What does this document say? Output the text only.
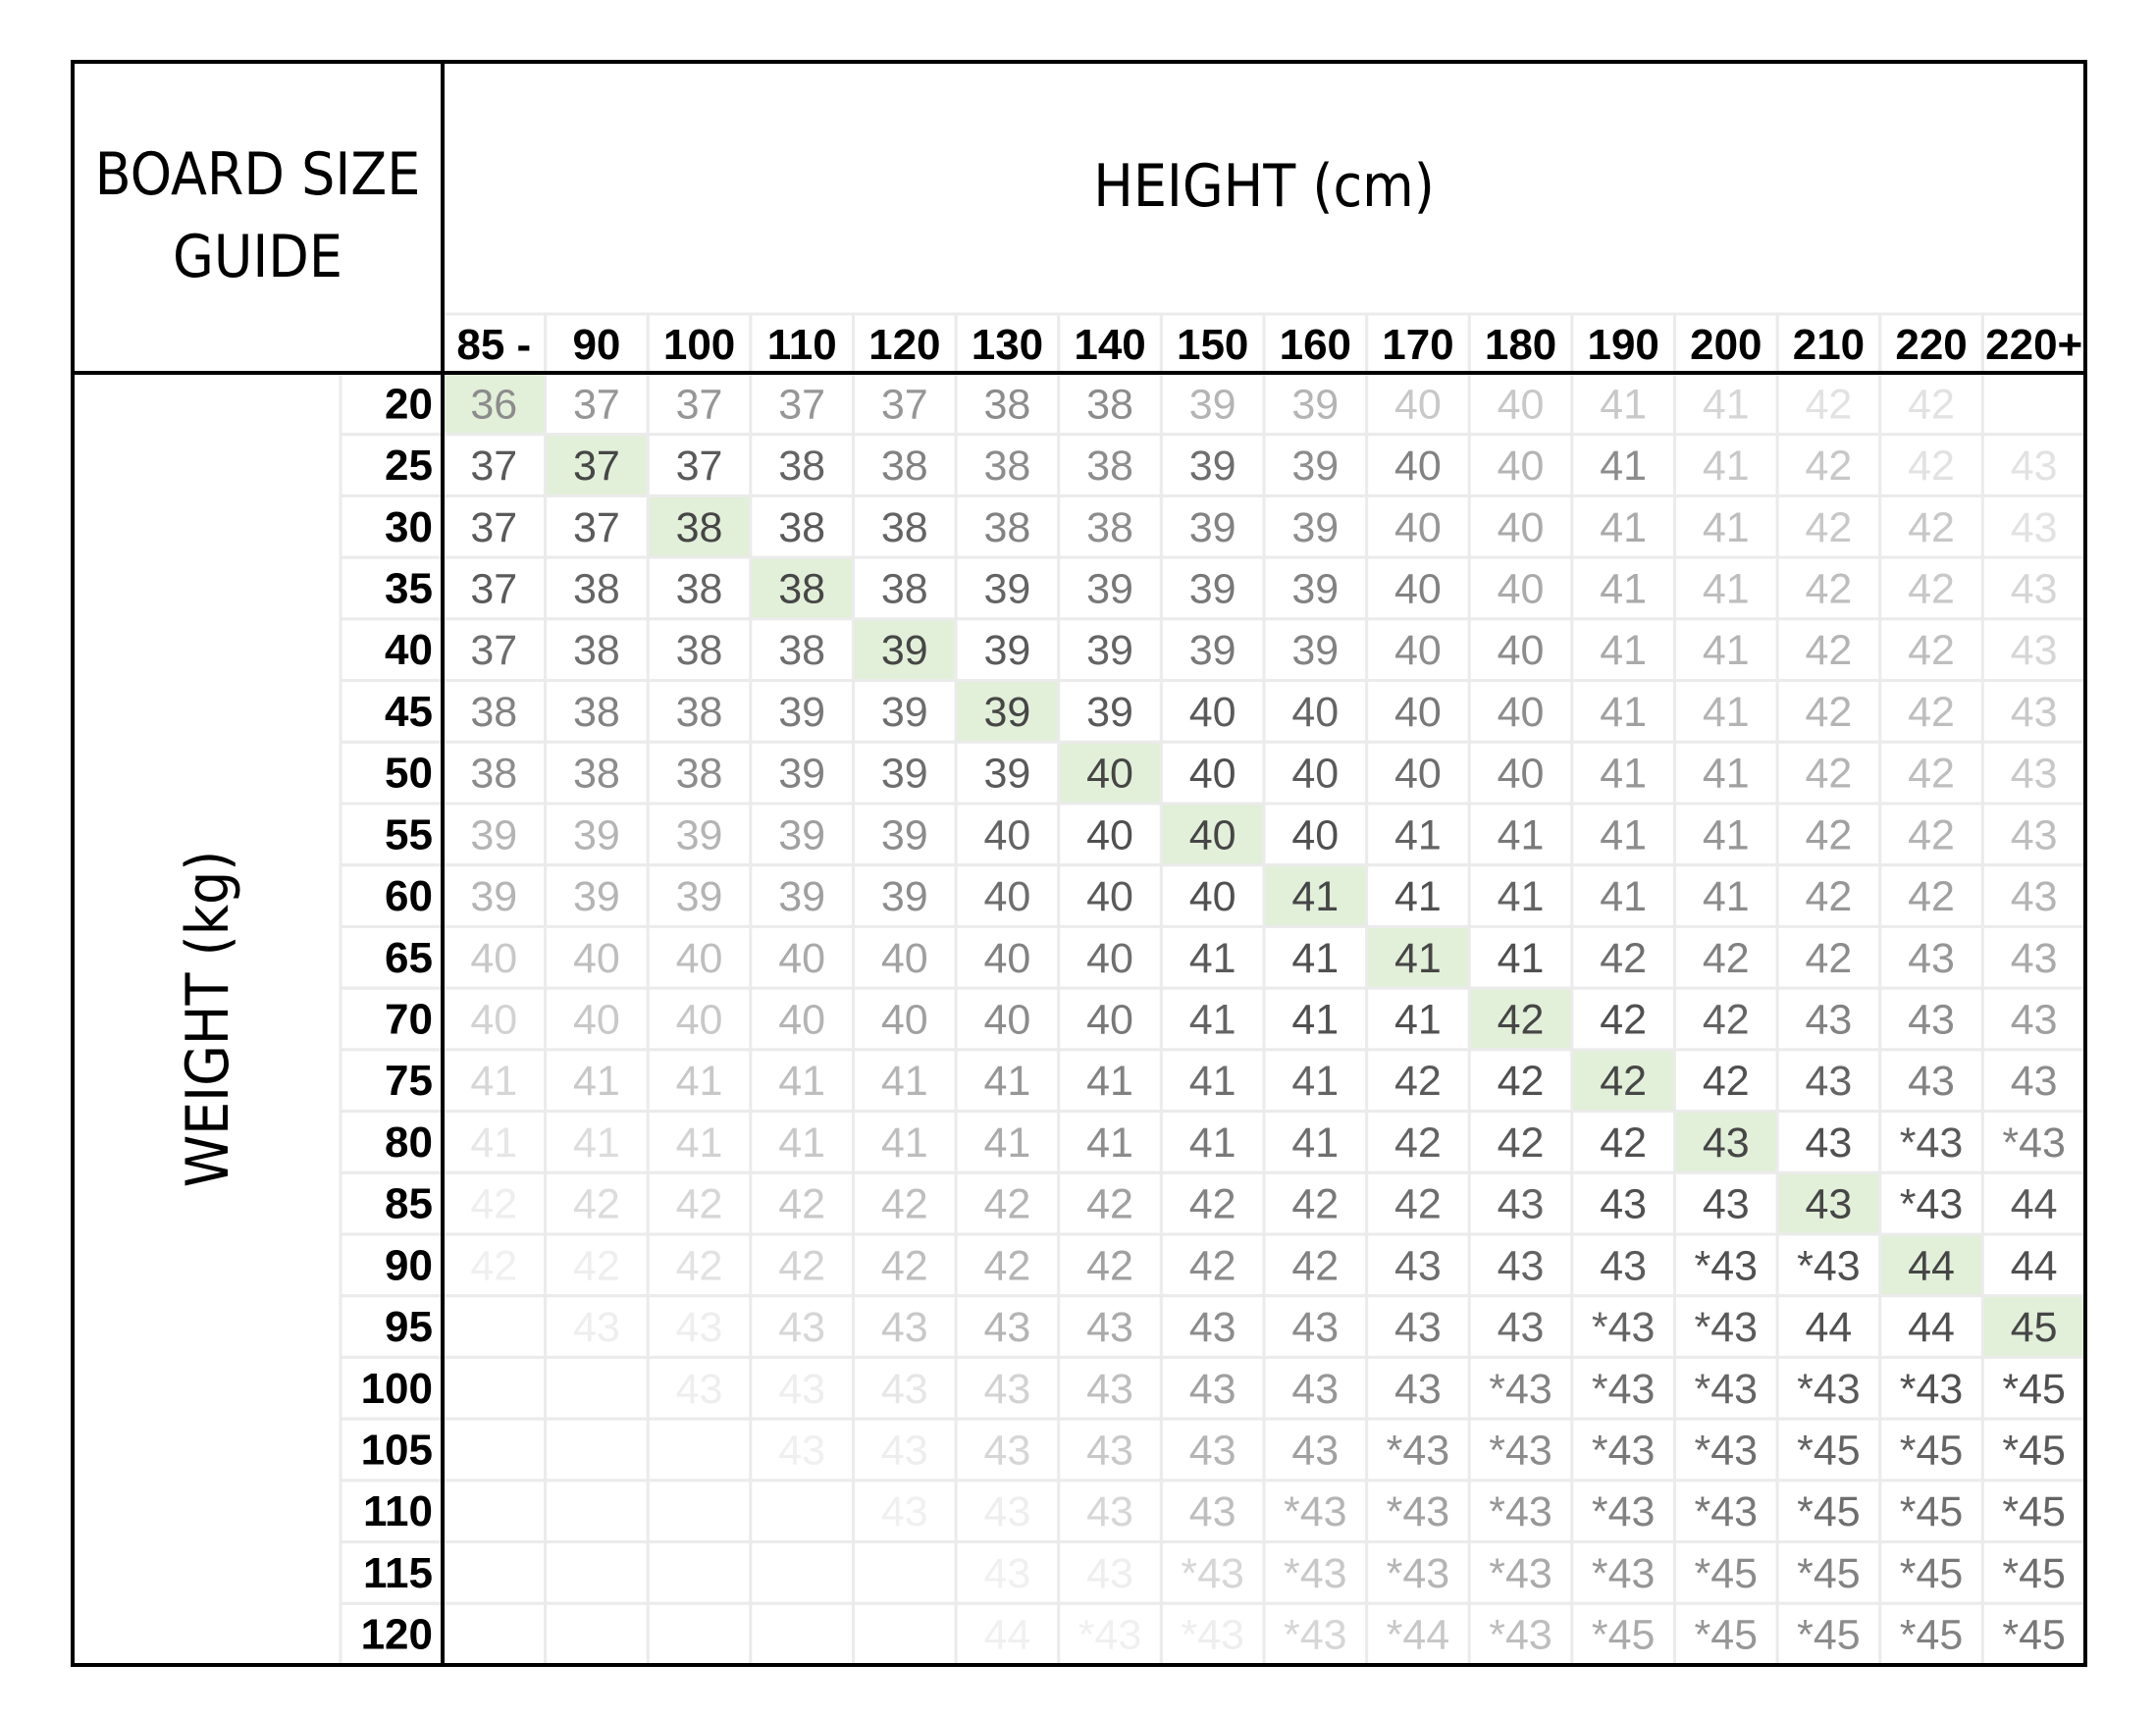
BOARD SIZE GUIDE
HEIGHT (cm)
WEIGHT (kg)
85 - 90 100 110 120 130 140 150 160 170 180 190 200 210 220 220+
20
25
30
35
40
45
50
55
60
65
70
75
80
85
90
95
100
105
110
115
120
36 37 37 37 37 38 38 39 39 40 40 41 41 42 42
37 37 37 38 38 38 38 39 39 40 40 41 41 42 42 43
37 37 38 38 38 38 38 39 39 40 40 41 41 42 42 43
37 38 38 38 38 39 39 39 39 40 40 41 41 42 42 43
37 38 38 38 39 39 39 39 39 40 40 41 41 42 42 43
38 38 38 39 39 39 39 40 40 40 40 41 41 42 42 43
38 38 38 39 39 39 40 40 40 40 40 41 41 42 42 43
39 39 39 39 39 40 40 40 40 41 41 41 41 42 42 43
39 39 39 39 39 40 40 40 41 41 41 41 41 42 42 43
40 40 40 40 40 40 40 41 41 41 41 42 42 42 43 43
40 40 40 40 40 40 40 41 41 41 42 42 42 43 43 43
41 41 41 41 41 41 41 41 41 42 42 42 42 43 43 43
41 41 41 41 41 41 41 41 41 42 42 42 43 43 *43 *43
42 42 42 42 42 42 42 42 42 42 43 43 43 43 *43 44
42 42 42 42 42 42 42 42 42 43 43 43 *43 *43 44 44
43 43 43 43 43 43 43 43 43 43 *43 *43 44 44 45
43 43 43 43 43 43 43 43 *43 *43 *43 *43 *43 *45
43 43 43 43 43 43 *43 *43 *43 *43 *45 *45 *45
43 43 43 43 *43 *43 *43 *43 *43 *45 *45 *45
43 43 *43 *43 *43 *43 *43 *45 *45 *45 *45
44 *43 *43 *43 *44 *43 *45 *45 *45 *45 *45
